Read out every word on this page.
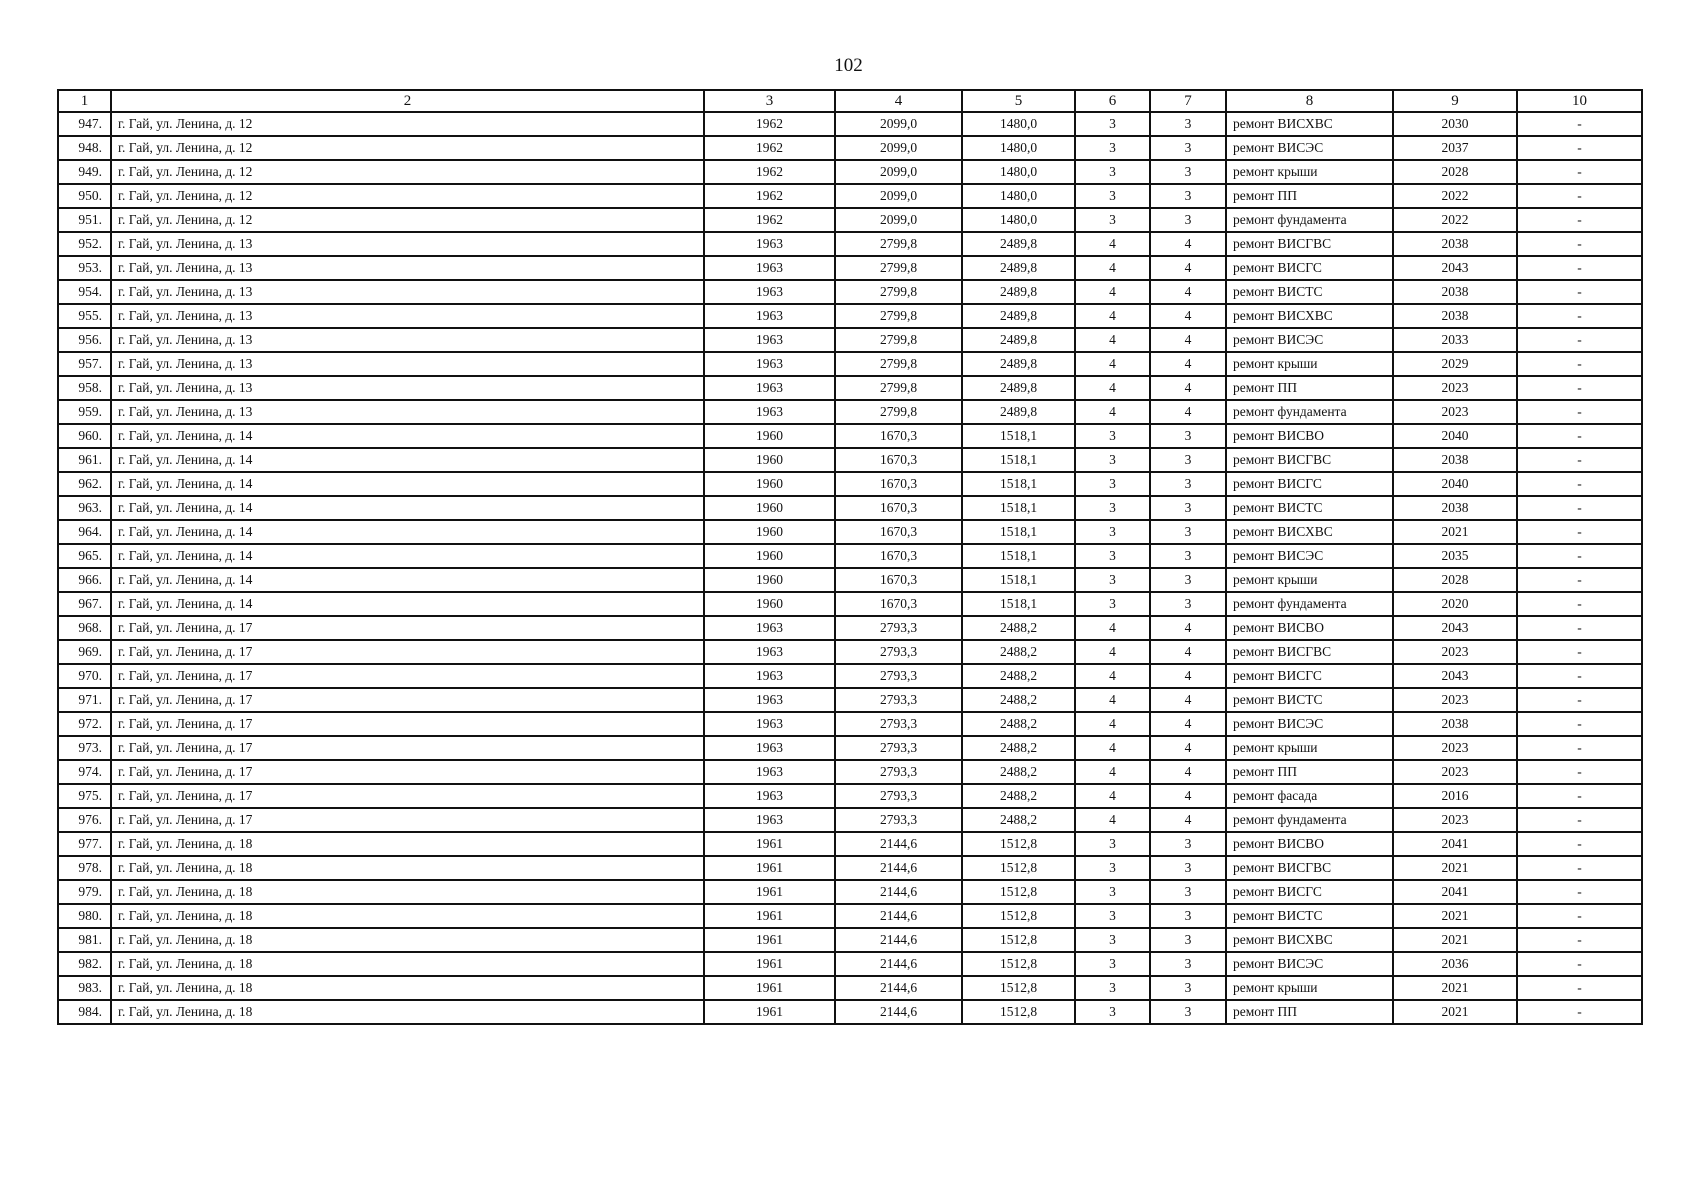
102
1	2	3	4	5	6	7	8	9	10
947.	г. Гай, ул. Ленина, д. 12	1962	2099,0	1480,0	3	3	ремонт ВИСХВС	2030	-
948.	г. Гай, ул. Ленина, д. 12	1962	2099,0	1480,0	3	3	ремонт ВИСЭС	2037	-
949.	г. Гай, ул. Ленина, д. 12	1962	2099,0	1480,0	3	3	ремонт крыши	2028	-
950.	г. Гай, ул. Ленина, д. 12	1962	2099,0	1480,0	3	3	ремонт ПП	2022	-
951.	г. Гай, ул. Ленина, д. 12	1962	2099,0	1480,0	3	3	ремонт фундамента	2022	-
952.	г. Гай, ул. Ленина, д. 13	1963	2799,8	2489,8	4	4	ремонт ВИСГВС	2038	-
953.	г. Гай, ул. Ленина, д. 13	1963	2799,8	2489,8	4	4	ремонт ВИСГС	2043	-
954.	г. Гай, ул. Ленина, д. 13	1963	2799,8	2489,8	4	4	ремонт ВИСТС	2038	-
955.	г. Гай, ул. Ленина, д. 13	1963	2799,8	2489,8	4	4	ремонт ВИСХВС	2038	-
956.	г. Гай, ул. Ленина, д. 13	1963	2799,8	2489,8	4	4	ремонт ВИСЭС	2033	-
957.	г. Гай, ул. Ленина, д. 13	1963	2799,8	2489,8	4	4	ремонт крыши	2029	-
958.	г. Гай, ул. Ленина, д. 13	1963	2799,8	2489,8	4	4	ремонт ПП	2023	-
959.	г. Гай, ул. Ленина, д. 13	1963	2799,8	2489,8	4	4	ремонт фундамента	2023	-
960.	г. Гай, ул. Ленина, д. 14	1960	1670,3	1518,1	3	3	ремонт ВИСВО	2040	-
961.	г. Гай, ул. Ленина, д. 14	1960	1670,3	1518,1	3	3	ремонт ВИСГВС	2038	-
962.	г. Гай, ул. Ленина, д. 14	1960	1670,3	1518,1	3	3	ремонт ВИСГС	2040	-
963.	г. Гай, ул. Ленина, д. 14	1960	1670,3	1518,1	3	3	ремонт ВИСТС	2038	-
964.	г. Гай, ул. Ленина, д. 14	1960	1670,3	1518,1	3	3	ремонт ВИСХВС	2021	-
965.	г. Гай, ул. Ленина, д. 14	1960	1670,3	1518,1	3	3	ремонт ВИСЭС	2035	-
966.	г. Гай, ул. Ленина, д. 14	1960	1670,3	1518,1	3	3	ремонт крыши	2028	-
967.	г. Гай, ул. Ленина, д. 14	1960	1670,3	1518,1	3	3	ремонт фундамента	2020	-
968.	г. Гай, ул. Ленина, д. 17	1963	2793,3	2488,2	4	4	ремонт ВИСВО	2043	-
969.	г. Гай, ул. Ленина, д. 17	1963	2793,3	2488,2	4	4	ремонт ВИСГВС	2023	-
970.	г. Гай, ул. Ленина, д. 17	1963	2793,3	2488,2	4	4	ремонт ВИСГС	2043	-
971.	г. Гай, ул. Ленина, д. 17	1963	2793,3	2488,2	4	4	ремонт ВИСТС	2023	-
972.	г. Гай, ул. Ленина, д. 17	1963	2793,3	2488,2	4	4	ремонт ВИСЭС	2038	-
973.	г. Гай, ул. Ленина, д. 17	1963	2793,3	2488,2	4	4	ремонт крыши	2023	-
974.	г. Гай, ул. Ленина, д. 17	1963	2793,3	2488,2	4	4	ремонт ПП	2023	-
975.	г. Гай, ул. Ленина, д. 17	1963	2793,3	2488,2	4	4	ремонт фасада	2016	-
976.	г. Гай, ул. Ленина, д. 17	1963	2793,3	2488,2	4	4	ремонт фундамента	2023	-
977.	г. Гай, ул. Ленина, д. 18	1961	2144,6	1512,8	3	3	ремонт ВИСВО	2041	-
978.	г. Гай, ул. Ленина, д. 18	1961	2144,6	1512,8	3	3	ремонт ВИСГВС	2021	-
979.	г. Гай, ул. Ленина, д. 18	1961	2144,6	1512,8	3	3	ремонт ВИСГС	2041	-
980.	г. Гай, ул. Ленина, д. 18	1961	2144,6	1512,8	3	3	ремонт ВИСТС	2021	-
981.	г. Гай, ул. Ленина, д. 18	1961	2144,6	1512,8	3	3	ремонт ВИСХВС	2021	-
982.	г. Гай, ул. Ленина, д. 18	1961	2144,6	1512,8	3	3	ремонт ВИСЭС	2036	-
983.	г. Гай, ул. Ленина, д. 18	1961	2144,6	1512,8	3	3	ремонт крыши	2021	-
984.	г. Гай, ул. Ленина, д. 18	1961	2144,6	1512,8	3	3	ремонт ПП	2021	-
